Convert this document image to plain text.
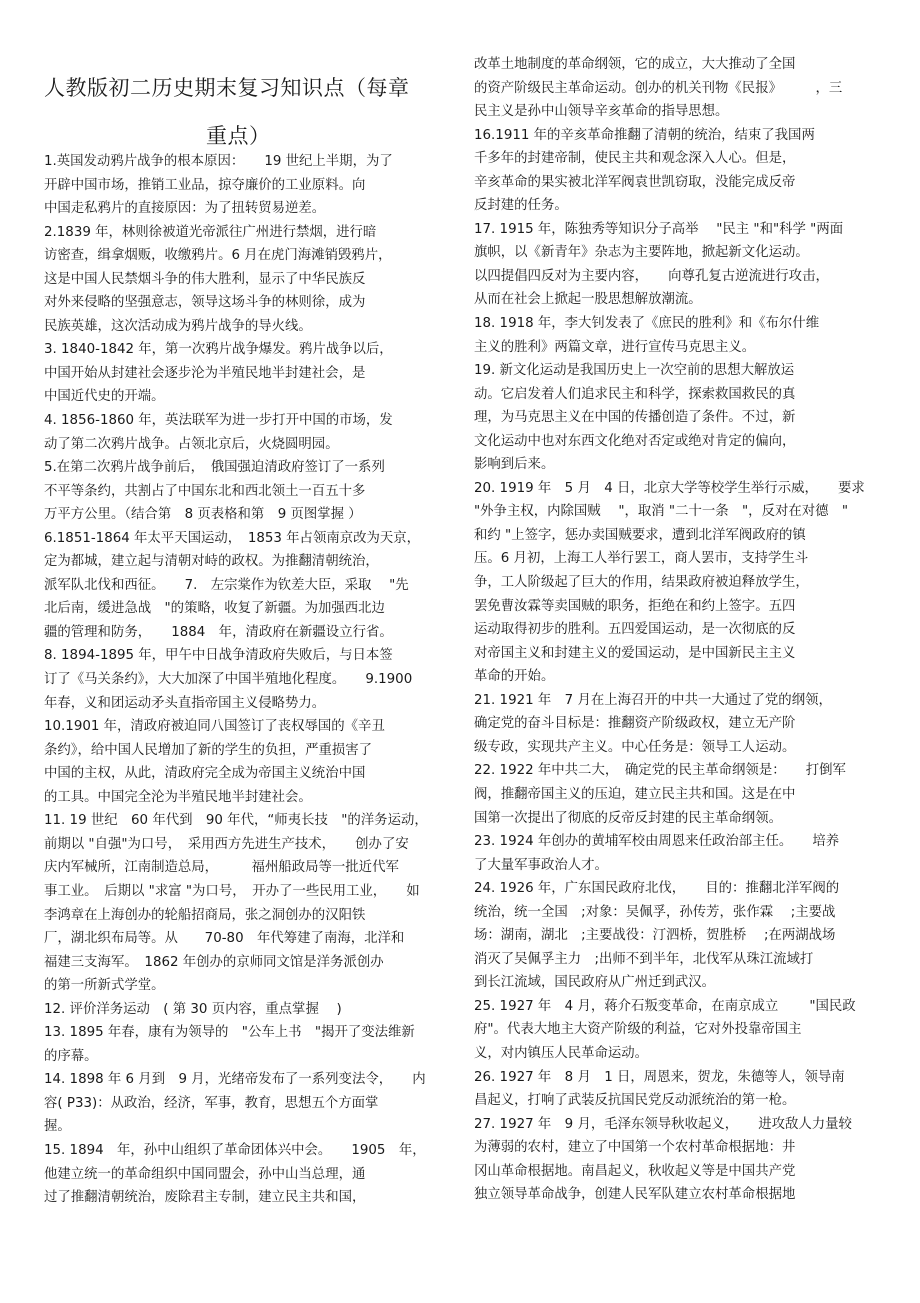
人教版初二历史期末复习知识点（每章
重点）
1.英国发动鸦片战争的根本原因：　　19 世纪上半期，为了
开辟中国市场，推销工业品，掠夺廉价的工业原料。向
中国走私鸦片的直接原因：为了扭转贸易逆差。
2.1839 年，林则徐被道光帝派往广州进行禁烟，进行暗
访密查，缉拿烟贩，收缴鸦片。6 月在虎门海滩销毁鸦片，
这是中国人民禁烟斗争的伟大胜利，显示了中华民族反
对外来侵略的坚强意志，领导这场斗争的林则徐，成为
民族英雄，这次活动成为鸦片战争的导火线。
3. 1840-1842 年，第一次鸦片战争爆发。鸦片战争以后，
中国开始从封建社会逐步沦为半殖民地半封建社会，是
中国近代史的开端。
4. 1856-1860 年，英法联军为进一步打开中国的市场，发
动了第二次鸦片战争。占领北京后，火烧圆明园。
5.在第二次鸦片战争前后，　俄国强迫清政府签订了一系列
不平等条约，共割占了中国东北和西北领土一百五十多
万平方公里。（结合第　8 页表格和第　9 页图掌握 ）
6.1851-1864 年太平天国运动，　1853 年占领南京改为天京，
定为都城，建立起与清朝对峙的政权。为推翻清朝统治，
派军队北伐和西征。　　7.　左宗棠作为钦差大臣，采取　 "先
北后南，缓进急战　"的策略，收复了新疆。为加强西北边
疆的管理和防务，　　1884　年，清政府在新疆设立行省。
8. 1894-1895 年，甲午中日战争清政府失败后，与日本签
订了《马关条约》，大大加深了中国半殖地化程度。　　9.1900
年春，义和团运动矛头直指帝国主义侵略势力。
10.1901 年，清政府被迫同八国签订了丧权辱国的《辛丑
条约》，给中国人民增加了新的学生的负担，严重损害了
中国的主权，从此，清政府完全成为帝国主义统治中国
的工具。中国完全沦为半殖民地半封建社会。
11. 19 世纪　60 年代到　90 年代，“师夷长技　"的洋务运动，
前期以 "自强"为口号，　采用西方先进生产技术，　　创办了安
庆内军械所，江南制造总局，　　　福州船政局等一批近代军
事工业。　后期以 "求富 "为口号，　开办了一些民用工业，　　如
李鸿章在上海创办的轮船招商局，张之洞创办的汉阳铁
厂，湖北织布局等。从　　70-80　年代筹建了南海，北洋和
福建三支海军。　1862 年创办的京师同文馆是洋务派创办
的第一所新式学堂。
12. 评价洋务运动　( 第 30 页内容，重点掌握　 )
13. 1895 年春，康有为领导的　"公车上书　"揭开了变法维新
的序幕。
14. 1898 年 6 月到　9 月，光绪帝发布了一系列变法令，　　内
容( P33)：从政治，经济，军事，教育，思想五个方面掌
握。
15. 1894　年，孙中山组织了革命团体兴中会。　　1905　年，
他建立统一的革命组织中国同盟会，孙中山当总理，通
过了推翻清朝统治，废除君主专制，建立民主共和国，
改革土地制度的革命纲领，它的成立，大大推动了全国
的资产阶级民主革命运动。创办的机关刊物《民报》　　　，三
民主义是孙中山领导辛亥革命的指导思想。
16.1911 年的辛亥革命推翻了清朝的统治，结束了我国两
千多年的封建帝制，使民主共和观念深入人心。但是，
辛亥革命的果实被北洋军阀袁世凯窃取，没能完成反帝
反封建的任务。
17. 1915 年，陈独秀等知识分子高举　 "民主 "和"科学 "两面
旗帜，以《新青年》杂志为主要阵地，掀起新文化运动。
以四提倡四反对为主要内容，　　向尊孔复古逆流进行攻击，
从而在社会上掀起一股思想解放潮流。
18. 1918 年，李大钊发表了《庶民的胜利》和《布尔什维
主义的胜利》两篇文章，进行宣传马克思主义。
19. 新文化运动是我国历史上一次空前的思想大解放运
动。它启发着人们追求民主和科学，探索救国救民的真
理，为马克思主义在中国的传播创造了条件。不过，新
文化运动中也对东西文化绝对否定或绝对肯定的偏向，
影响到后来。
20. 1919 年　5 月　4 日，北京大学等校学生举行示威，　　要求
"外争主权，内除国贼　 "，取消 "二十一条　"，反对在对德　"
和约 "上签字，惩办卖国贼要求，遭到北洋军阀政府的镇
压。6 月初，上海工人举行罢工，商人罢市，支持学生斗
争，工人阶级起了巨大的作用，结果政府被迫释放学生，
罢免曹汝霖等卖国贼的职务，拒绝在和约上签字。五四
运动取得初步的胜利。五四爱国运动，是一次彻底的反
对帝国主义和封建主义的爱国运动，是中国新民主主义
革命的开始。
21. 1921 年　7 月在上海召开的中共一大通过了党的纲领，
确定党的奋斗目标是：推翻资产阶级政权，建立无产阶
级专政，实现共产主义。中心任务是：领导工人运动。
22. 1922 年中共二大，　确定党的民主革命纲领是：　　打倒军
阀，推翻帝国主义的压迫，建立民主共和国。这是在中
国第一次提出了彻底的反帝反封建的民主革命纲领。
23. 1924 年创办的黄埔军校由周恩来任政治部主任。　　培养
了大量军事政治人才。
24. 1926 年，广东国民政府北伐，　　目的：推翻北洋军阀的
统治，统一全国　;对象：吴佩孚，孙传芳，张作霖　 ;主要战
场：湖南，湖北　;主要战役：汀泗桥，贺胜桥　 ;在两湖战场
消灭了吴佩孚主力　;出师不到半年，北伐军从珠江流域打
到长江流域，国民政府从广州迁到武汉。
25. 1927 年　4 月，蒋介石叛变革命，在南京成立　　 "国民政
府"。代表大地主大资产阶级的利益，它对外投靠帝国主
义，对内镇压人民革命运动。
26. 1927 年　8 月　1 日，周恩来，贺龙，朱德等人，领导南
昌起义，打响了武装反抗国民党反动派统治的第一枪。
27. 1927 年　9 月，毛泽东领导秋收起义，　　进攻敌人力量较
为薄弱的农村，建立了中国第一个农村革命根据地：井
冈山革命根据地。南昌起义，秋收起义等是中国共产党
独立领导革命战争，创建人民军队建立农村革命根据地
